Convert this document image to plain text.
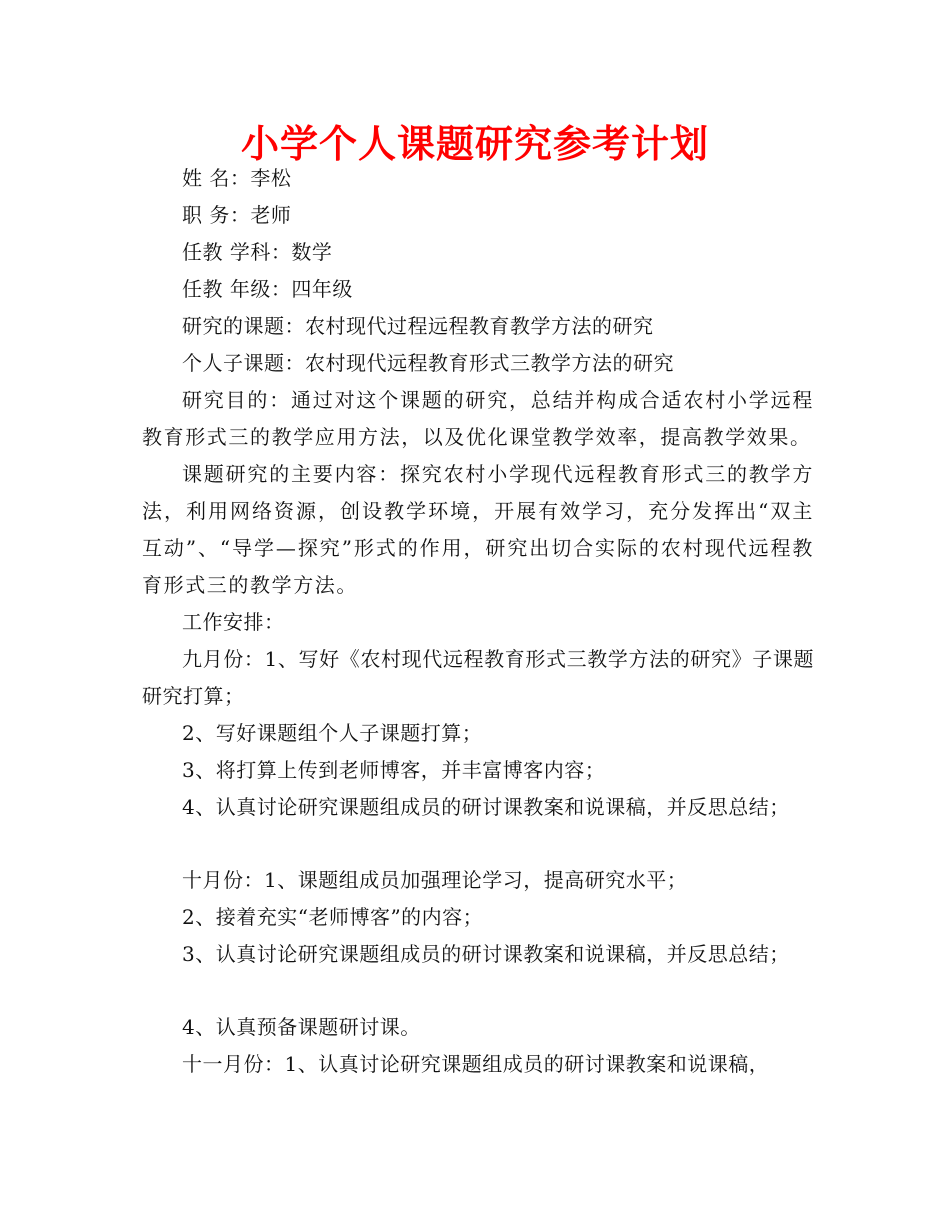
小学个人课题研究参考计划

姓 名：李松

职 务：老师

任教 学科：数学

任教 年级：四年级

研究的课题：农村现代过程远程教育教学方法的研究

个人子课题：农村现代远程教育形式三教学方法的研究

研究目的：通过对这个课题的研究，总结并构成合适农村小学远程教育形式三的教学应用方法，以及优化课堂教学效率，提高教学效果。

课题研究的主要内容：探究农村小学现代远程教育形式三的教学方法，利用网络资源，创设教学环境，开展有效学习，充分发挥出“双主互动”、“导学—探究”形式的作用，研究出切合实际的农村现代远程教育形式三的教学方法。

工作安排：

九月份：1、写好《农村现代远程教育形式三教学方法的研究》子课题研究打算；

2、写好课题组个人子课题打算；

3、将打算上传到老师博客，并丰富博客内容；

4、认真讨论研究课题组成员的研讨课教案和说课稿，并反思总结；

十月份：1、课题组成员加强理论学习，提高研究水平；

2、接着充实“老师博客”的内容；

3、认真讨论研究课题组成员的研讨课教案和说课稿，并反思总结；

4、认真预备课题研讨课。

十一月份：1、认真讨论研究课题组成员的研讨课教案和说课稿，
